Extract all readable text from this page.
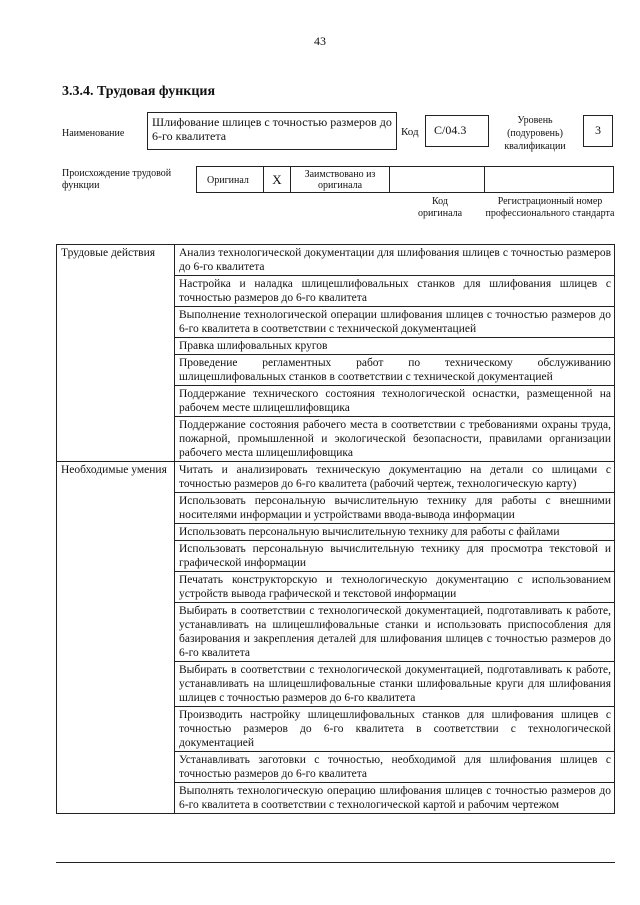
43
3.3.4. Трудовая функция
Наименование
Шлифование шлицев с точностью размеров до 6-го квалитета	Код	C/04.3
Уровень (подуровень) квалификации
3
Происхождение трудовой функции	Оригинал	X	Заимствовано из оригинала
Код оригинала
Регистрационный номер профессионального стандарта
Трудовые действия	Анализ технологической документации для шлифования шлицев с точностью размеров до 6-го квалитета
	Настройка и наладка шлицешлифовальных станков для шлифования шлицев с точностью размеров до 6-го квалитета
	Выполнение технологической операции шлифования шлицев с точностью размеров до 6-го квалитета в соответствии с технической документацией
	Правка шлифовальных кругов
	Проведение регламентных работ по техническому обслуживанию шлицешлифовальных станков в соответствии с технической документацией
	Поддержание технического состояния технологической оснастки, размещенной на рабочем месте шлицешлифовщика
	Поддержание состояния рабочего места в соответствии с требованиями охраны труда, пожарной, промышленной и экологической безопасности, правилами организации рабочего места шлицешлифовщика
Необходимые умения	Читать и анализировать техническую документацию на детали со шлицами с точностью размеров до 6-го квалитета (рабочий чертеж, технологическую карту)
	Использовать персональную вычислительную технику для работы с внешними носителями информации и устройствами ввода-вывода информации
	Использовать персональную вычислительную технику для работы с файлами
	Использовать персональную вычислительную технику для просмотра текстовой и графической информации
	Печатать конструкторскую и технологическую документацию с использованием устройств вывода графической и текстовой информации
	Выбирать в соответствии с технологической документацией, подготавливать к работе, устанавливать на шлицешлифовальные станки и использовать приспособления для базирования и закрепления деталей для шлифования шлицев с точностью размеров до 6-го квалитета
	Выбирать в соответствии с технологической документацией, подготавливать к работе, устанавливать на шлицешлифовальные станки шлифовальные круги для шлифования шлицев с точностью размеров до 6-го квалитета
	Производить настройку шлицешлифовальных станков для шлифования шлицев с точностью размеров до 6-го квалитета в соответствии с технологической документацией
	Устанавливать заготовки с точностью, необходимой для шлифования шлицев с точностью размеров до 6-го квалитета
	Выполнять технологическую операцию шлифования шлицев с точностью размеров до 6-го квалитета в соответствии с технологической картой и рабочим чертежом
